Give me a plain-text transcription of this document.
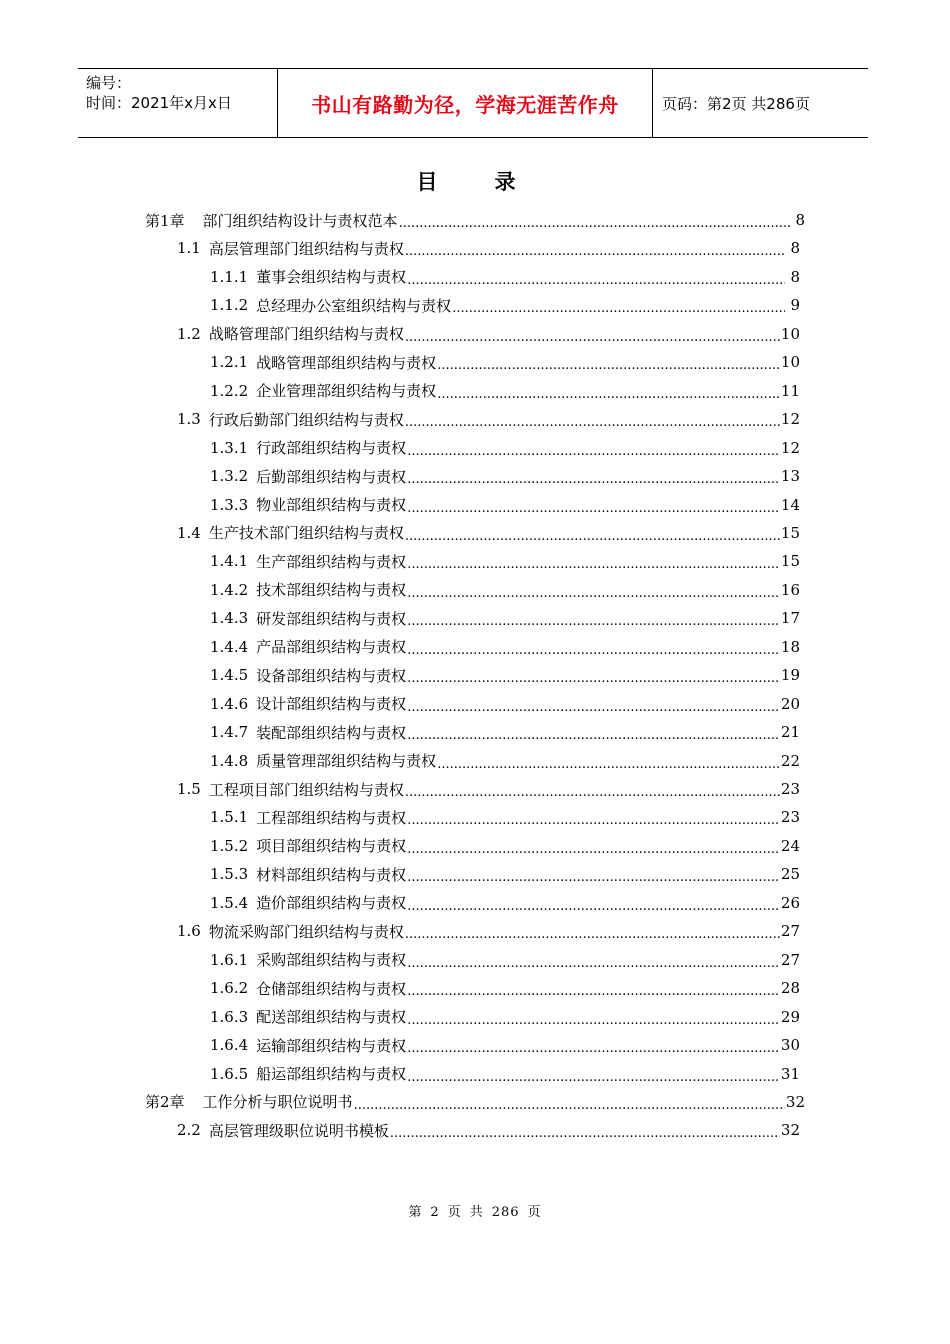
编号：
时间：2021年x月x日	书山有路勤为径，学海无涯苦作舟	页码：第2页 共286页
目　录
第1章	部门组织结构设计与责权范本 .....	8
1.1 高层管理部门组织结构与责权 .....	8
1.1.1 董事会组织结构与责权 .....	8
1.1.2 总经理办公室组织结构与责权 .....	9
1.2 战略管理部门组织结构与责权 .....	10
1.2.1 战略管理部组织结构与责权 .....	10
1.2.2 企业管理部组织结构与责权 .....	11
1.3 行政后勤部门组织结构与责权 .....	12
1.3.1 行政部组织结构与责权 .....	12
1.3.2 后勤部组织结构与责权 .....	13
1.3.3 物业部组织结构与责权 .....	14
1.4 生产技术部门组织结构与责权 .....	15
1.4.1 生产部组织结构与责权 .....	15
1.4.2 技术部组织结构与责权 .....	16
1.4.3 研发部组织结构与责权 .....	17
1.4.4 产品部组织结构与责权 .....	18
1.4.5 设备部组织结构与责权 .....	19
1.4.6 设计部组织结构与责权 .....	20
1.4.7 装配部组织结构与责权 .....	21
1.4.8 质量管理部组织结构与责权 .....	22
1.5 工程项目部门组织结构与责权 .....	23
1.5.1 工程部组织结构与责权 .....	23
1.5.2 项目部组织结构与责权 .....	24
1.5.3 材料部组织结构与责权 .....	25
1.5.4 造价部组织结构与责权 .....	26
1.6 物流采购部门组织结构与责权 .....	27
1.6.1 采购部组织结构与责权 .....	27
1.6.2 仓储部组织结构与责权 .....	28
1.6.3 配送部组织结构与责权 .....	29
1.6.4 运输部组织结构与责权 .....	30
1.6.5 船运部组织结构与责权 .....	31
第2章	工作分析与职位说明书 .....	32
2.2 高层管理级职位说明书模板 .....	32
第 2 页 共 286 页
